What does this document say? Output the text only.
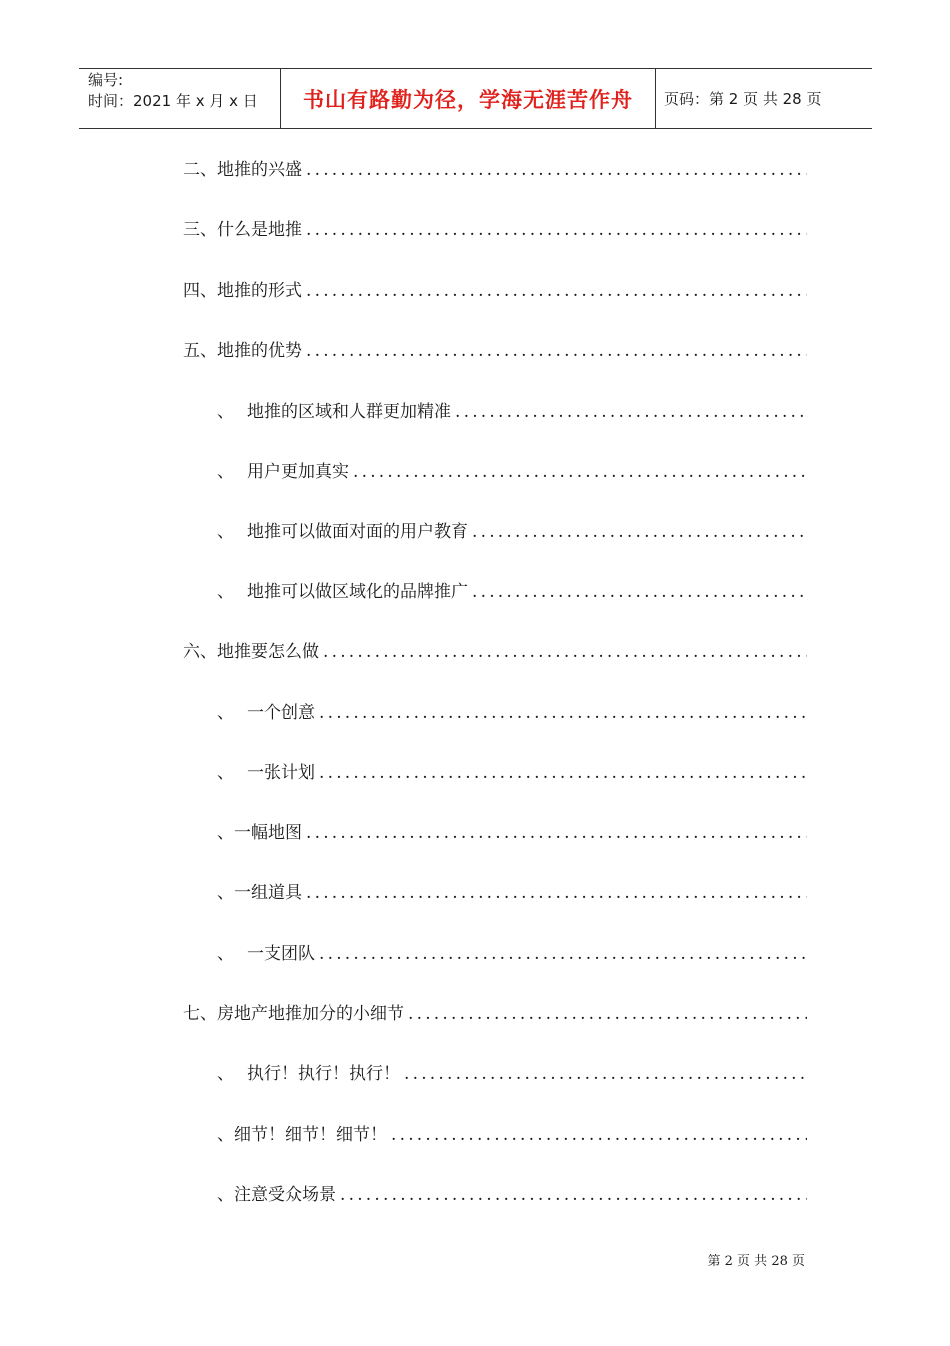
编号:
时间：2021 年 x 月 x 日	书山有路勤为径，学海无涯苦作舟	页码：第 2 页 共 28 页
二、地推的兴盛
.....
三、什么是地推
.....
四、地推的形式
.....
五、地推的优势
.....
、 地推的区域和人群更加精准
.....
、 用户更加真实
.....
、 地推可以做面对面的用户教育
.....
、 地推可以做区域化的品牌推广
.....
六、地推要怎么做
.....
、 一个创意
.....
、 一张计划
.....
、一幅地图
.....
、一组道具
.....
、 一支团队
.....
七、房地产地推加分的小细节
.....
、 执行！执行！执行！
.....
、细节！细节！细节！
.....
、注意受众场景
.....
第 2 页 共 28 页
